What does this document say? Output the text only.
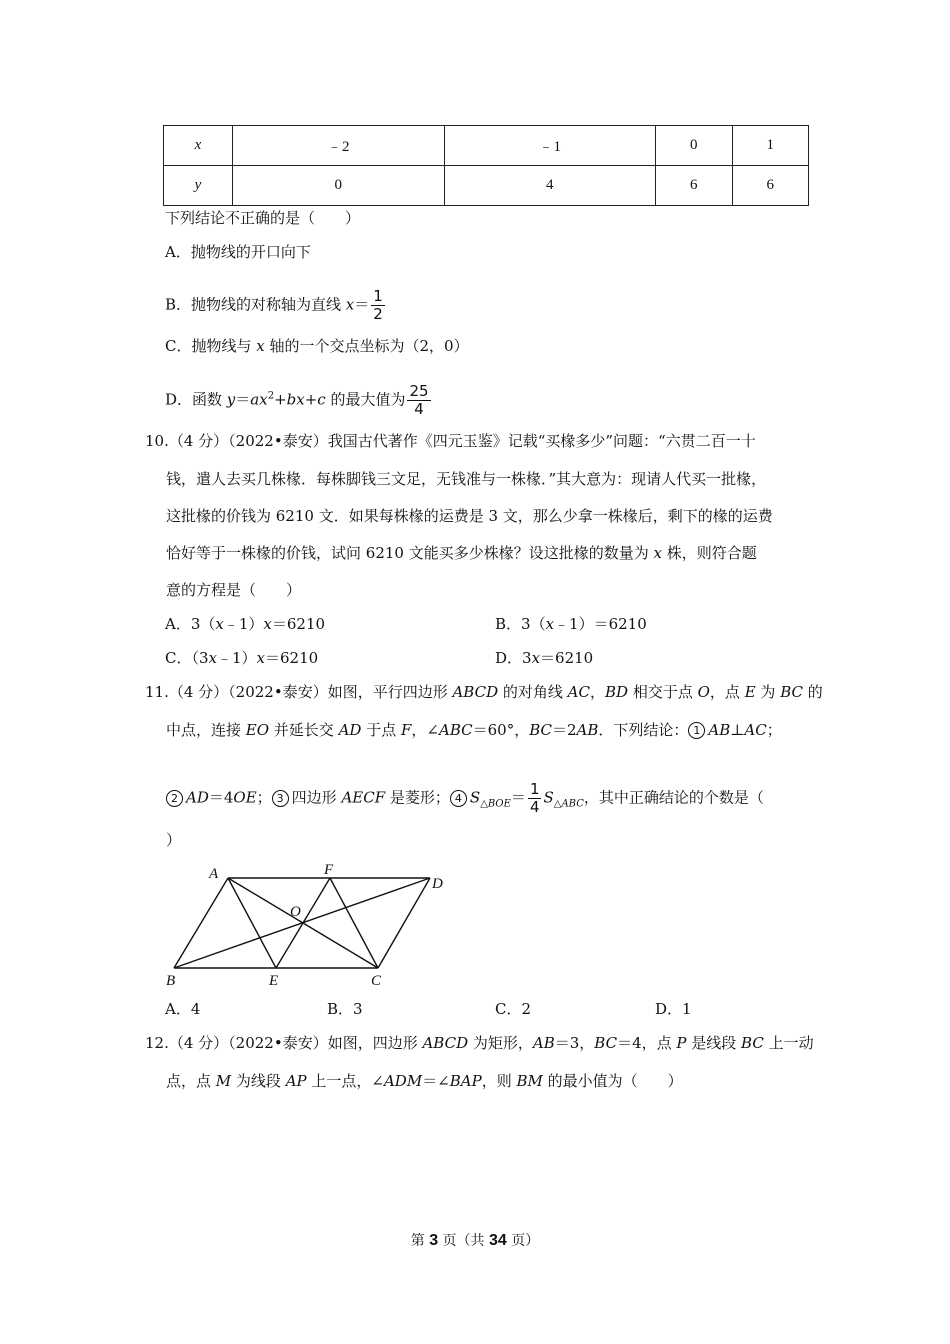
x	﹣2	﹣1	0	1
y	0	4	6	6
下列结论不正确的是（　　）
A．抛物线的开口向下
B．抛物线的对称轴为直线 $x= \frac{1}{2}$
C．抛物线与 x 轴的一个交点坐标为（2，0）
D．函数 $y=ax^2+bx+c$ 的最大值为 $\frac{25}{4}$
10.（4 分）（2022•泰安）我国古代著作《四元玉鉴》记载“买椽多少”问题：“六贯二百一十
钱，遣人去买几株椽．每株脚钱三文足，无钱准与一株椽．”其大意为：现请人代买一批椽，
这批椽的价钱为 6210 文．如果每株椽的运费是 3 文，那么少拿一株椽后，剩下的椽的运费
恰好等于一株椽的价钱，试问 6210 文能买多少株椽？设这批椽的数量为 x 株，则符合题
意的方程是（　　）
A．3（x﹣1）x＝6210	B．3（x﹣1）＝6210
C．（3x﹣1）x＝6210	D．3x＝6210
11.（4 分）（2022•泰安）如图，平行四边形 ABCD 的对角线 AC，BD 相交于点 O，点 E 为 BC 的
中点，连接 EO 并延长交 AD 于点 F，∠ABC＝60°，BC＝2AB．下列结论： 1 AB⊥AC；
2 AD＝4OE； 3 四边形 AECF 是菱形； 4 $S_{\triangle BOE}= \frac{1}{4} S_{\triangle ABC}$，其中正确结论的个数是（
）
A	F
D
O
B	E	C
A．4	B．3	C．2	D．1
12.（4 分）（2022•泰安）如图，四边形 ABCD 为矩形，AB＝3，BC＝4，点 P 是线段 BC 上一动
点，点 M 为线段 AP 上一点，∠ADM＝∠BAP，则 BM 的最小值为（　　）
第 3 页（共 34 页）
